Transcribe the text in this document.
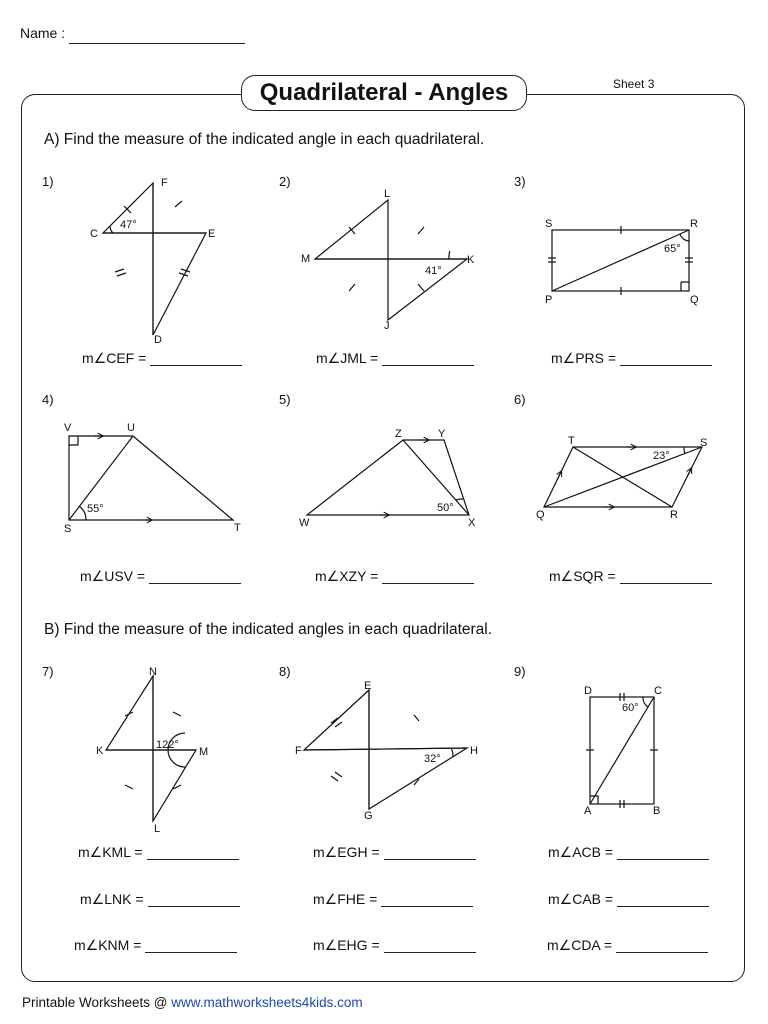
Name :
Quadrilateral - Angles	Sheet 3
A) Find the measure of the indicated angle in each quadrilateral.
B) Find the measure of the indicated angles in each quadrilateral.
1)	2)	3)
4)	5)	6)
7)	8)	9)
F
C	E
D
47°
L
M	K
J
41°
S	R
P	Q
65°
V	U
S	T
55°
Z	Y
W	X
50°
T	S
Q	R
23°
N
K	M
L
122°
E
F	H
G
32°
D	C
A	B
60°
m∠CEF =	m∠JML =	m∠PRS =
m∠USV =	m∠XZY =	m∠SQR =
m∠KML =	m∠EGH =	m∠ACB =
m∠LNK =	m∠FHE =	m∠CAB =
m∠KNM =	m∠EHG =	m∠CDA =
Printable Worksheets @ www.mathworksheets4kids.com
